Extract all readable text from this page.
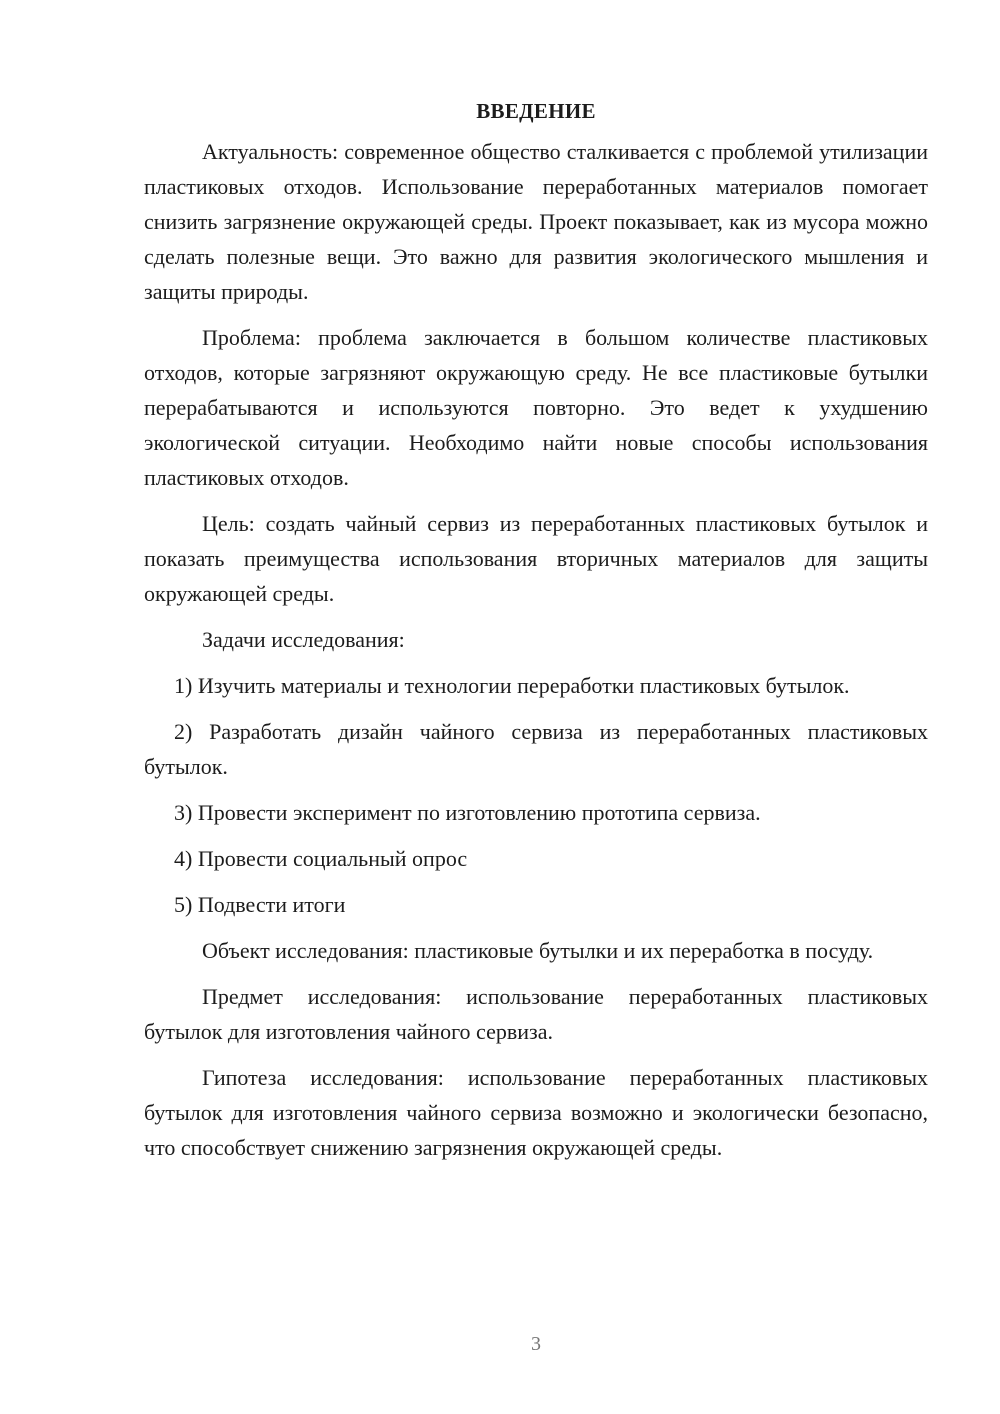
ВВЕДЕНИЕ

Актуальность: современное общество сталкивается с проблемой утилизации пластиковых отходов. Использование переработанных материалов помогает снизить загрязнение окружающей среды. Проект показывает, как из мусора можно сделать полезные вещи. Это важно для развития экологического мышления и защиты природы.

Проблема: проблема заключается в большом количестве пластиковых отходов, которые загрязняют окружающую среду. Не все пластиковые бутылки перерабатываются и используются повторно. Это ведет к ухудшению экологической ситуации. Необходимо найти новые способы использования пластиковых отходов.

Цель: создать чайный сервиз из переработанных пластиковых бутылок и показать преимущества использования вторичных материалов для защиты окружающей среды.

Задачи исследования:

1) Изучить материалы и технологии переработки пластиковых бутылок.

2) Разработать дизайн чайного сервиза из переработанных пластиковых бутылок.

3) Провести эксперимент по изготовлению прототипа сервиза.

4) Провести социальный опрос

5) Подвести итоги

Объект исследования: пластиковые бутылки и их переработка в посуду.

Предмет исследования: использование переработанных пластиковых бутылок для изготовления чайного сервиза.

Гипотеза исследования: использование переработанных пластиковых бутылок для изготовления чайного сервиза возможно и экологически безопасно, что способствует снижению загрязнения окружающей среды.

3
